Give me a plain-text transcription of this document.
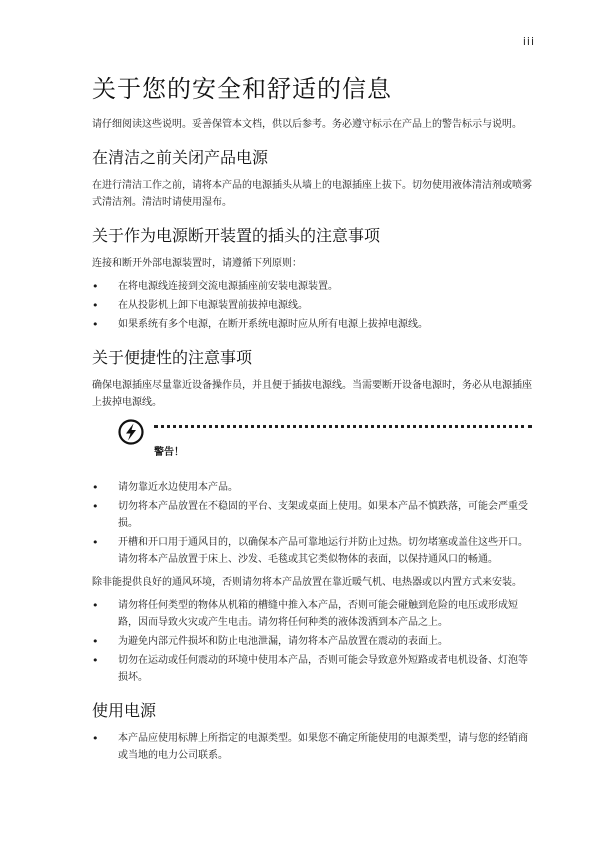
iii
关于您的安全和舒适的信息

请仔细阅读这些说明。妥善保管本文档，供以后参考。务必遵守标示在产品上的警告标示与说明。

在清洁之前关闭产品电源

在进行清洁工作之前，请将本产品的电源插头从墙上的电源插座上拔下。切勿使用液体清洁剂或喷雾式清洁剂。清洁时请使用湿布。

关于作为电源断开装置的插头的注意事项

连接和断开外部电源装置时，请遵循下列原则：

• 在将电源线连接到交流电源插座前安装电源装置。
• 在从投影机上卸下电源装置前拔掉电源线。
• 如果系统有多个电源，在断开系统电源时应从所有电源上拔掉电源线。
关于便捷性的注意事项

确保电源插座尽量靠近设备操作员，并且便于插拔电源线。当需要断开设备电源时，务必从电源插座上拔掉电源线。

警告！
• 请勿靠近水边使用本产品。
• 切勿将本产品放置在不稳固的平台、支架或桌面上使用。如果本产品不慎跌落，可能会严重受损。
• 开槽和开口用于通风目的，以确保本产品可靠地运行并防止过热。切勿堵塞或盖住这些开口。请勿将本产品放置于床上、沙发、毛毯或其它类似物体的表面，以保持通风口的畅通。

除非能提供良好的通风环境，否则请勿将本产品放置在靠近暖气机、电热器或以内置方式来安装。

• 请勿将任何类型的物体从机箱的槽缝中推入本产品，否则可能会碰触到危险的电压或形成短路，因而导致火灾或产生电击。请勿将任何种类的液体泼洒到本产品之上。
• 为避免内部元件损坏和防止电池泄漏，请勿将本产品放置在震动的表面上。
• 切勿在运动或任何震动的环境中使用本产品，否则可能会导致意外短路或者电机设备、灯泡等损坏。
使用电源
• 本产品应使用标牌上所指定的电源类型。如果您不确定所能使用的电源类型，请与您的经销商或当地的电力公司联系。
